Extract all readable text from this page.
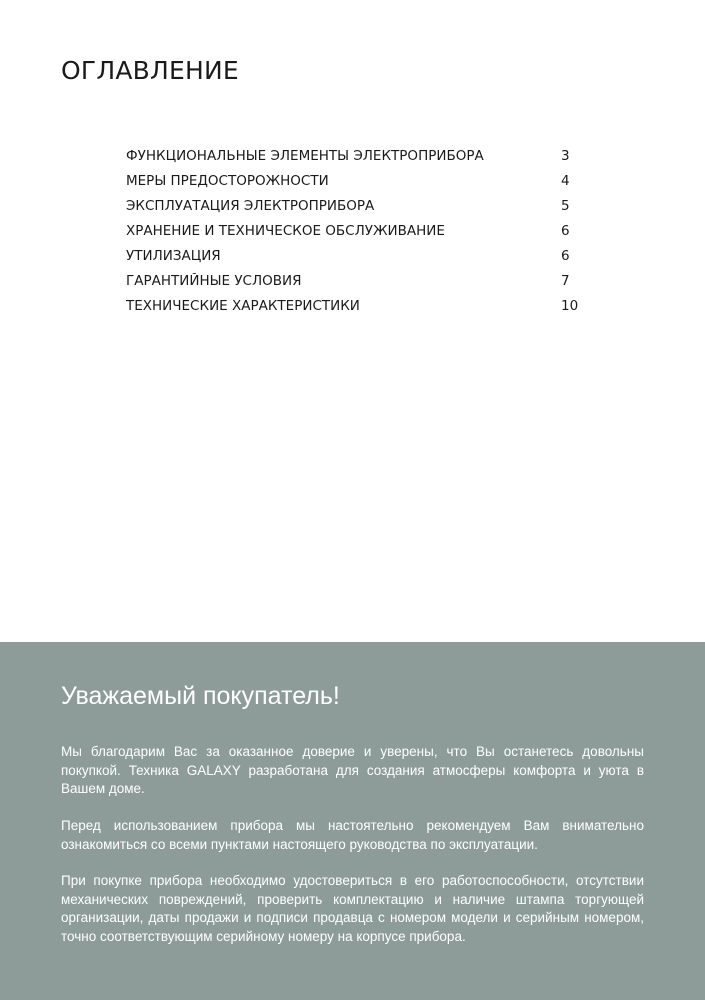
ОГЛАВЛЕНИЕ
ФУНКЦИОНАЛЬНЫЕ ЭЛЕМЕНТЫ ЭЛЕКТРОПРИБОРА	3
МЕРЫ ПРЕДОСТОРОЖНОСТИ	4
ЭКСПЛУАТАЦИЯ ЭЛЕКТРОПРИБОРА	5
ХРАНЕНИЕ И ТЕХНИЧЕСКОЕ ОБСЛУЖИВАНИЕ	6
УТИЛИЗАЦИЯ	6
ГАРАНТИЙНЫЕ УСЛОВИЯ	7
ТЕХНИЧЕСКИЕ ХАРАКТЕРИСТИКИ	10
Уважаемый покупатель!

Мы благодарим Вас за оказанное доверие и уверены, что Вы останетесь довольны покупкой. Техника GALAXY разработана для создания атмосферы комфорта и уюта в Вашем доме.

Перед использованием прибора мы настоятельно рекомендуем Вам внимательно ознакомиться со всеми пунктами настоящего руководства по эксплуатации.

При покупке прибора необходимо удостовериться в его работоспособности, отсутствии механических повреждений, проверить комплектацию и наличие штампа торгующей организации, даты продажи и подписи продавца с номером модели и серийным номером, точно соответствующим серийному номеру на корпусе прибора.
